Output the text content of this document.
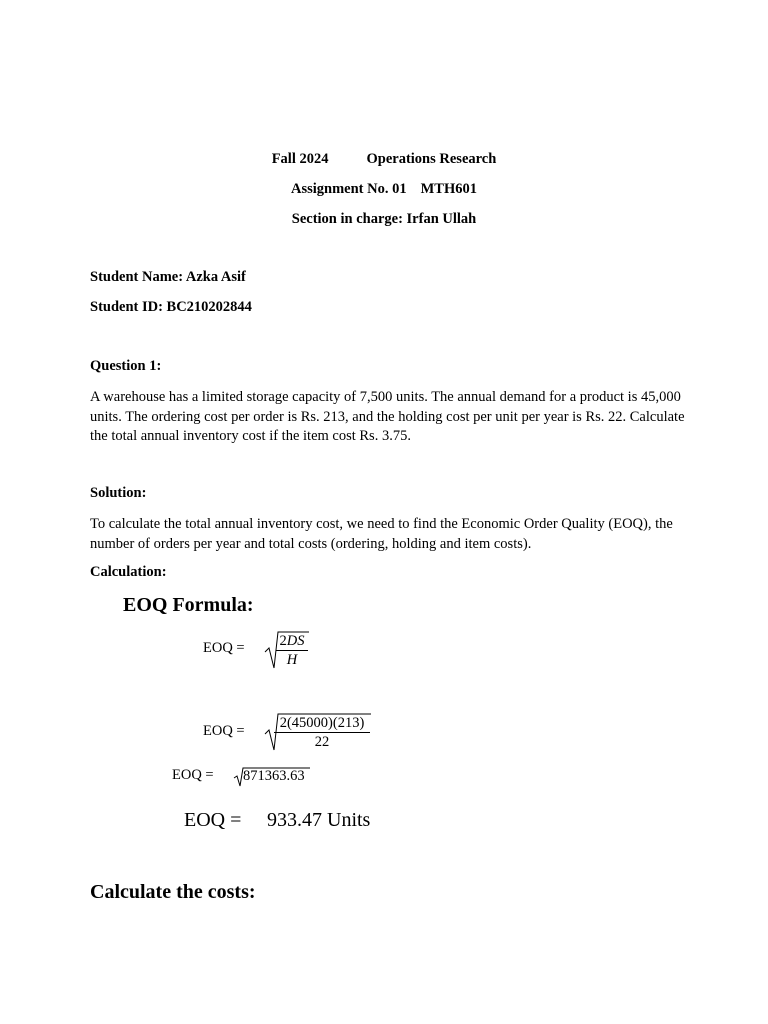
Fall 2024	Operations Research
Assignment No. 01 MTH601
Section in charge: Irfan Ullah
Student Name: Azka Asif
Student ID: BC210202844
Question 1:
A warehouse has a limited storage capacity of 7,500 units. The annual demand for a product is 45,000 units. The ordering cost per order is Rs. 213, and the holding cost per unit per year is Rs. 22. Calculate the total annual inventory cost if the item cost Rs. 3.75.
Solution:
To calculate the total annual inventory cost, we need to find the Economic Order Quality (EOQ), the number of orders per year and total costs (ordering, holding and item costs).
Calculation:
EOQ Formula:
EOQ = $\frac{2DS}{H}$
EOQ = $\frac{2(45000)(213)}{22}$
EOQ = 871363.63
EOQ = 933.47 Units
Calculate the costs:
